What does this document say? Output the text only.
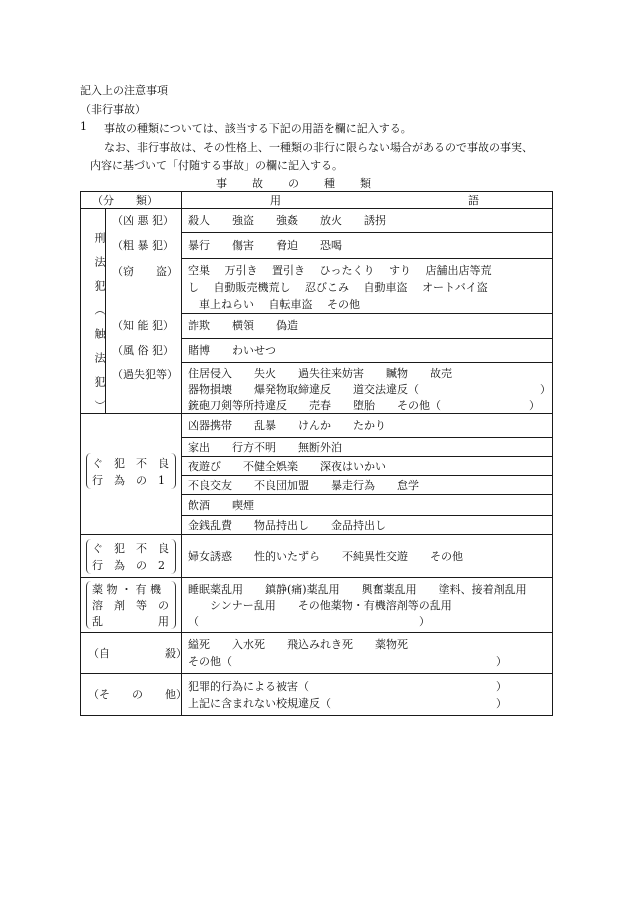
記入上の注意事項
（非行事故）
1 事故の種類については、該当する下記の用語を欄に記入する。
なお、非行事故は、その性格上、一種類の非行に限らない場合があるので事故の事実、
内容に基づいて「付随する事故」の欄に記入する。
事　　故　　の　　種　　類
（分　　類）	用　　　　　　　　　　　　　　　　　語
刑法犯（触法犯）
（凶 悪 犯） 殺人　　強盗　　強姦　　放火　　誘拐
（粗 暴 犯） 暴行　　傷害　　脅迫　　恐喝
（窃　　盗） 空巣　 万引き 　置引き　 ひったくり　 すり　 店舗出店等荒
し　 自動販売機荒し　 忍びこみ　 自動車盗　 オートバイ盗
　車上ねらい　 自転車盗　 その他
（知 能 犯） 詐欺　　横領　　偽造
（風 俗 犯） 賭博　　わいせつ
（過失犯等） 住居侵入　　失火　　過失往来妨害　　贓物　　故売
器物損壊　　爆発物取締違反　　道交法違反（　　　　　　　　　　　）
銃砲刀剣等所持違反　　売春　　堕胎　　その他（　　　　　　　　）
ぐ　犯　不　良
行　為　の　1
凶器携帯　　乱暴　　けんか　　たかり
家出　　行方不明　　無断外泊
夜遊び　　不健全娯楽　　深夜はいかい
不良交友　　不良団加盟　　暴走行為　　怠学
飲酒　　喫煙
金銭乱費　　物品持出し　　金品持出し
ぐ　犯　不　良
行　為　の　2
婦女誘惑　　性的いたずら　　不純異性交遊　　その他
薬 物 ・ 有 機
溶　剤　等　の
乱　　　　　用
睡眠薬乱用　　鎮静(痛)薬乱用　　興奮薬乱用　　塗料、接着剤乱用
　　シンナー乱用　　その他薬物・有機溶剤等の乱用
（　　　　　　　　　　　　　　　　　　　　）
（自　　　　　殺）
縊死　　入水死　　飛込みれき死　　薬物死
その他（　　　　　　　　　　　　　　　　　　　　　　　　）
（そ　　の　　他）
犯罪的行為による被害（　　　　　　　　　　　　　　　　　）
上記に含まれない校規違反（　　　　　　　　　　　　　　　）
